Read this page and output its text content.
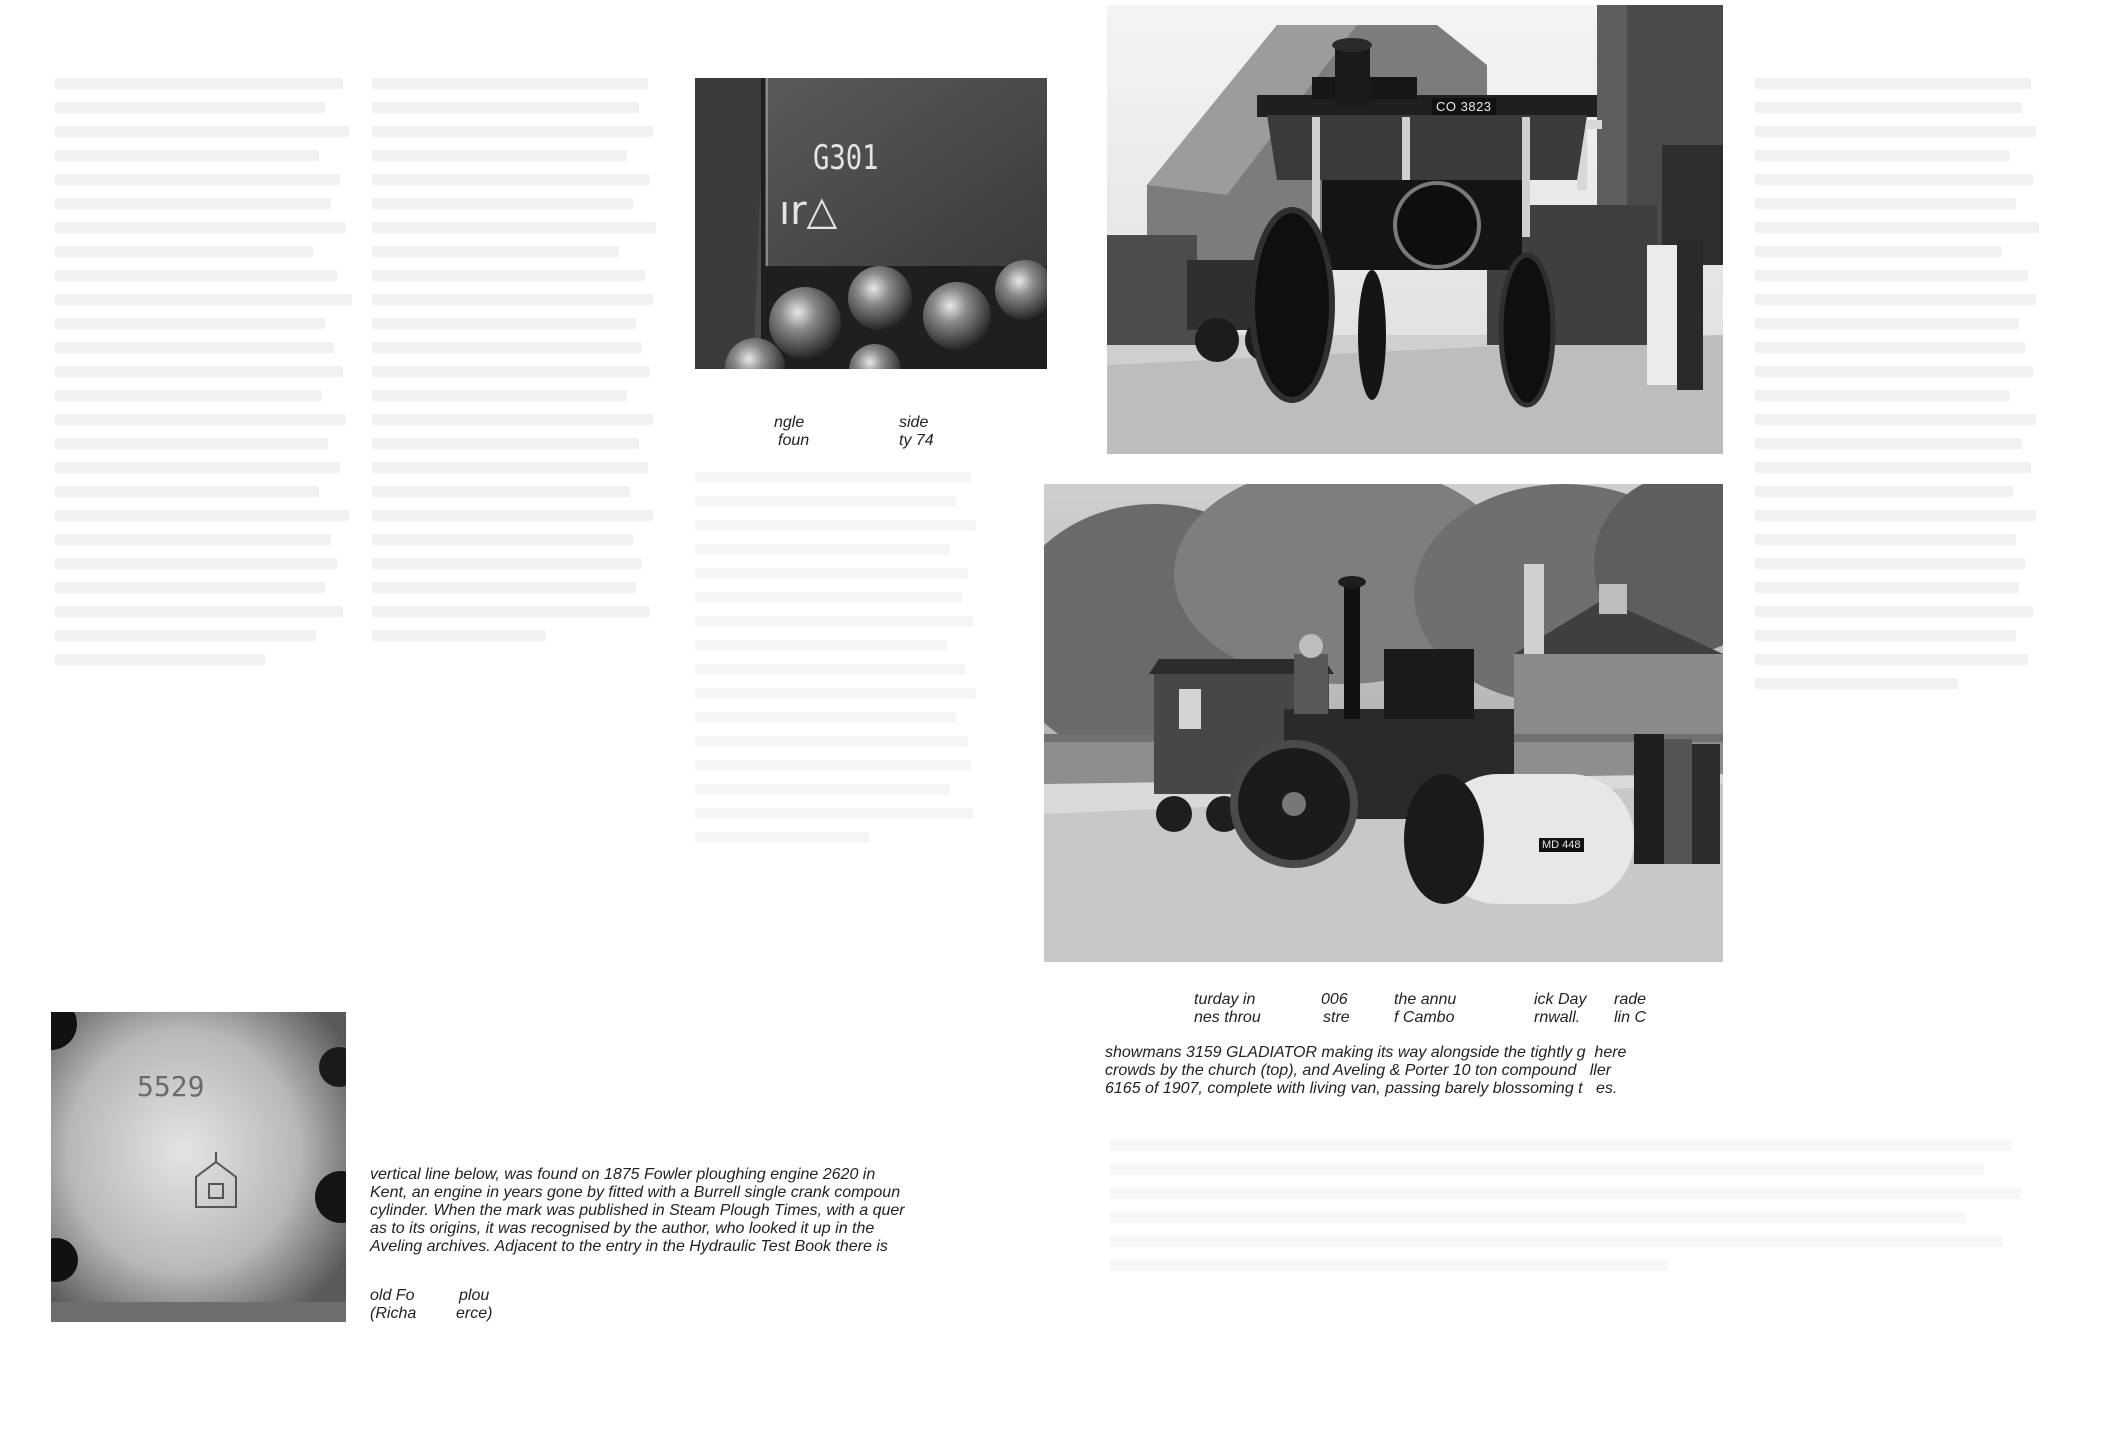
G301
ır△
ngle	side
foun	ty 74
CO 3823
MD 448
turday in	006	the annu	ick Day rade
nes throu	stre	f Cambo	rnwall. lin C
showmans 3159 GLADIATOR making its way alongside the tightly g  here
crowds by the church (top), and Aveling & Porter 10 ton compound   ller
6165 of 1907, complete with living van, passing barely blossoming t   es.
5529
vertical line below, was found on 1875 Fowler ploughing engine 2620 in
Kent, an engine in years gone by fitted with a Burrell single crank compoun
cylinder. When the mark was published in Steam Plough Times, with a quer
as to its origins, it was recognised by the author, who looked it up in the
Aveling archives. Adjacent to the entry in the Hydraulic Test Book there is
old Fo	plou
(Richa erce)
